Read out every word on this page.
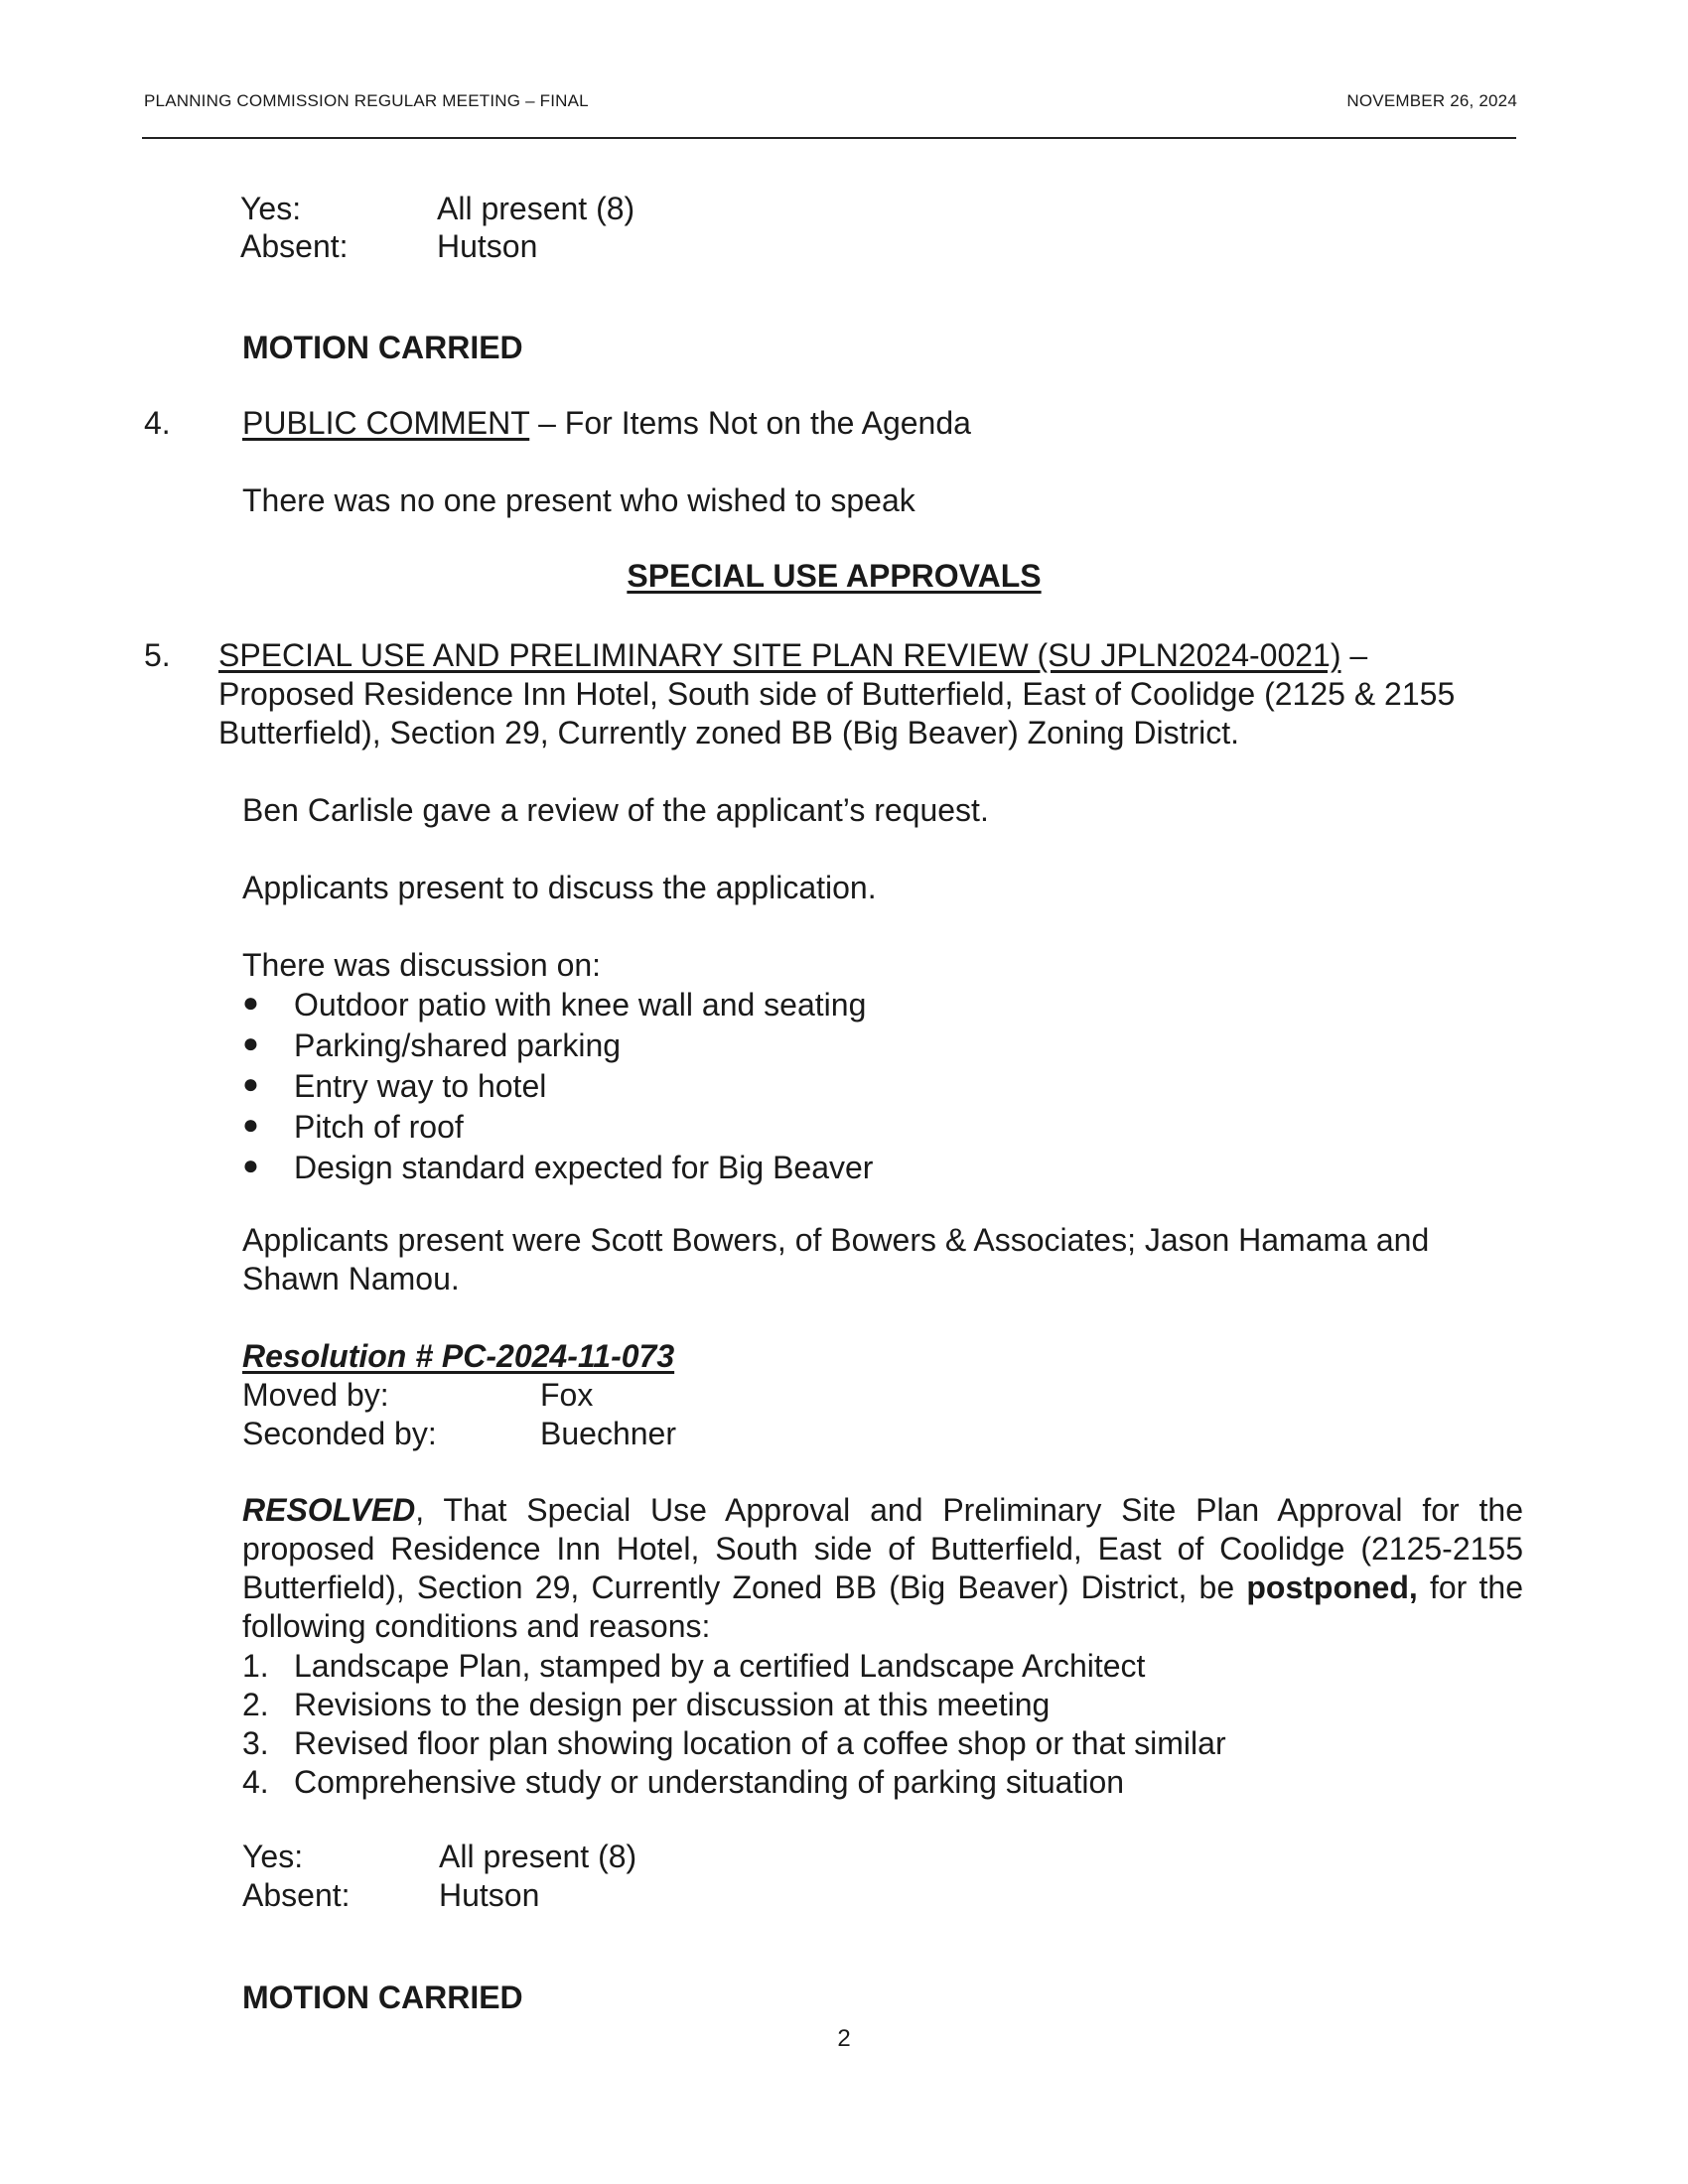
PLANNING COMMISSION REGULAR MEETING – FINAL	NOVEMBER 26, 2024
Yes:	All present (8)
Absent:	Hutson
MOTION CARRIED
4. PUBLIC COMMENT – For Items Not on the Agenda
There was no one present who wished to speak
SPECIAL USE APPROVALS
5. SPECIAL USE AND PRELIMINARY SITE PLAN REVIEW (SU JPLN2024-0021) –
Proposed Residence Inn Hotel, South side of Butterfield, East of Coolidge (2125 & 2155
Butterfield), Section 29, Currently zoned BB (Big Beaver) Zoning District.
Ben Carlisle gave a review of the applicant’s request.
Applicants present to discuss the application.
There was discussion on:
● Outdoor patio with knee wall and seating
● Parking/shared parking
● Entry way to hotel
● Pitch of roof
● Design standard expected for Big Beaver
Applicants present were Scott Bowers, of Bowers & Associates; Jason Hamama and
Shawn Namou.
Resolution # PC-2024-11-073
Moved by:	Fox
Seconded by:	Buechner
RESOLVED, That Special Use Approval and Preliminary Site Plan Approval for the proposed Residence Inn Hotel, South side of Butterfield, East of Coolidge (2125-2155 Butterfield), Section 29, Currently Zoned BB (Big Beaver) District, be postponed, for the following conditions and reasons:
1. Landscape Plan, stamped by a certified Landscape Architect
2. Revisions to the design per discussion at this meeting
3. Revised floor plan showing location of a coffee shop or that similar
4. Comprehensive study or understanding of parking situation
Yes:	All present (8)
Absent:	Hutson
MOTION CARRIED
2
